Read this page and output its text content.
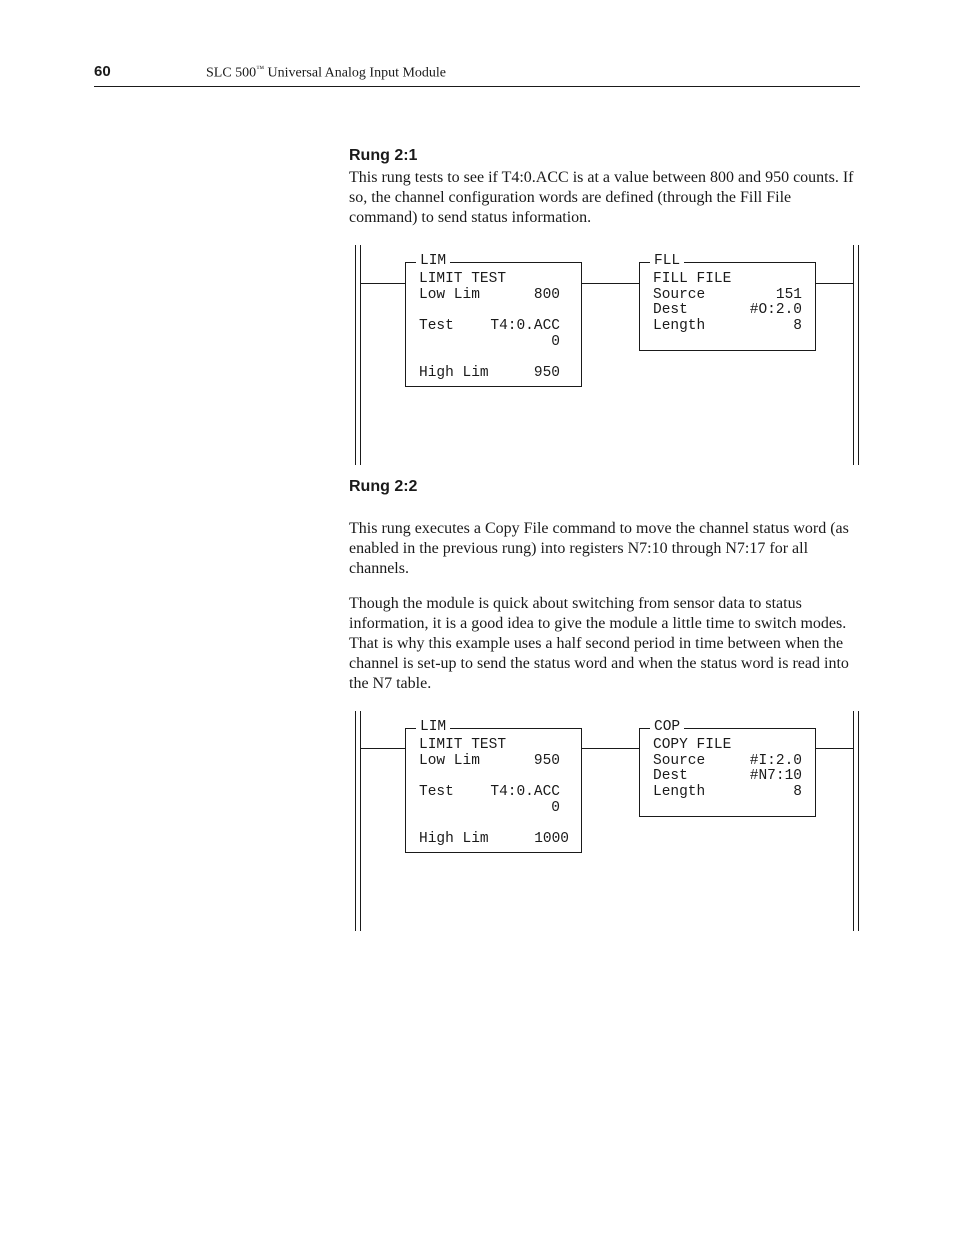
60	SLC 500™ Universal Analog Input Module
Rung 2:1

This rung tests to see if T4:0.ACC is at a value between 800 and 950 counts. If so, the channel configuration words are defined (through the Fill File command) to send status information.

LIM
LIMIT TEST
Low Lim	800
Test	T4:0.ACC
0
High Lim	950
FLL
FILL FILE
Source	151
Dest	#O:2.0
Length	8
Rung 2:2

This rung executes a Copy File command to move the channel status word (as enabled in the previous rung) into registers N7:10 through N7:17 for all channels.

Though the module is quick about switching from sensor data to status information, it is a good idea to give the module a little time to switch modes. That is why this example uses a half second period in time between when the channel is set-up to send the status word and when the status word is read into the N7 table.

LIM
LIMIT TEST
Low Lim	950
Test	T4:0.ACC
0
High Lim	1000
COP
COPY FILE
Source	#I:2.0
Dest	#N7:10
Length	8
